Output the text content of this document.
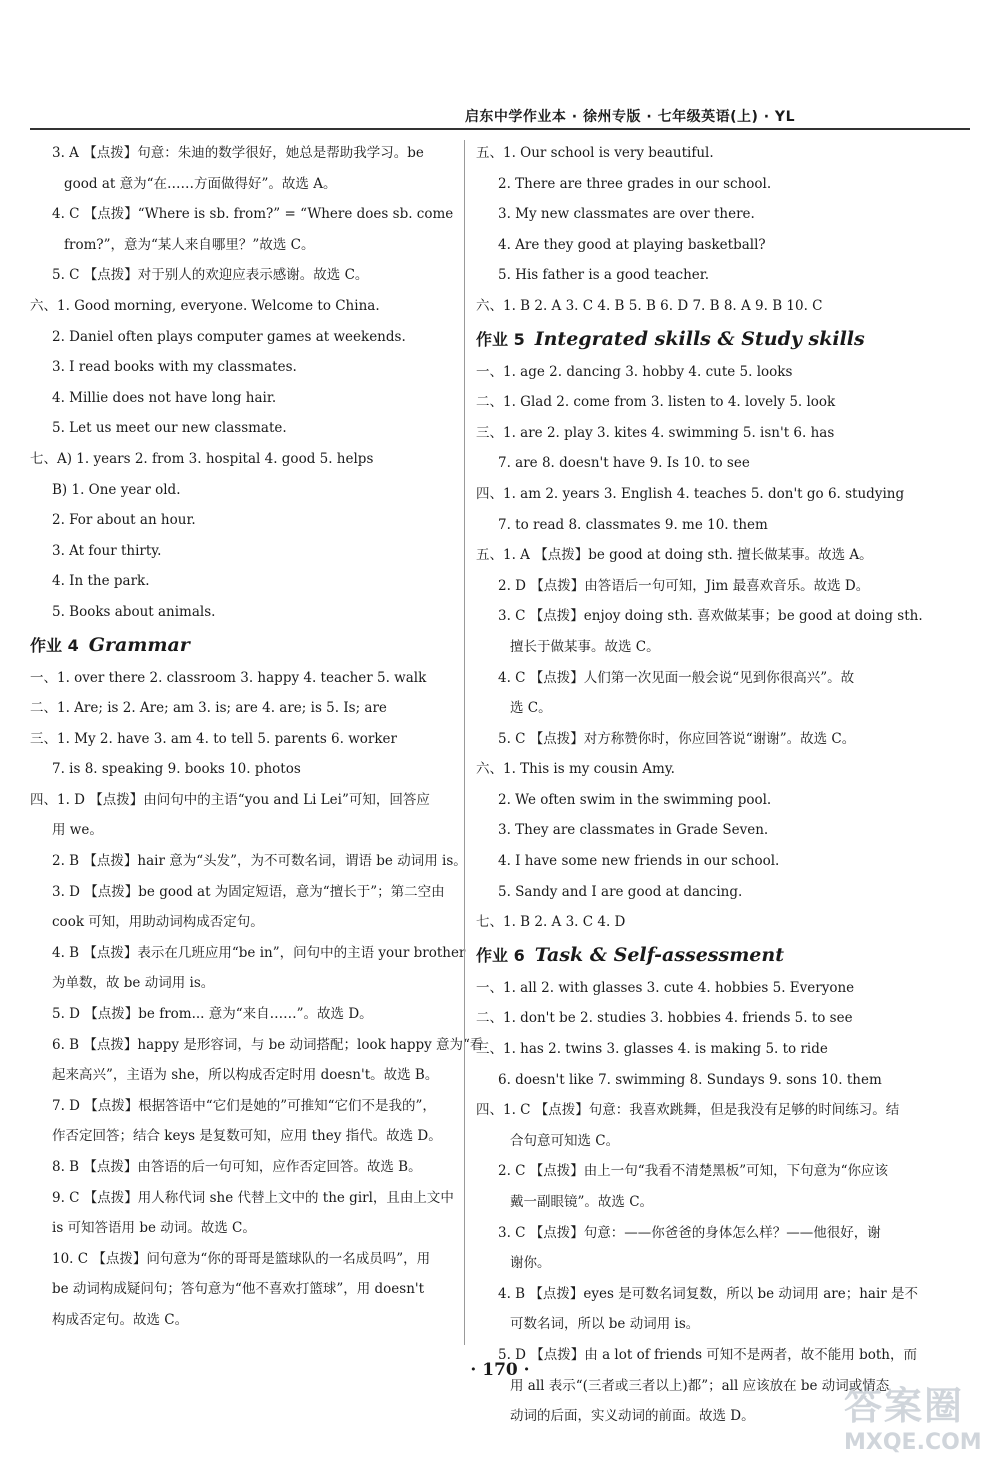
启东中学作业本 · 徐州专版 · 七年级英语(上) · YL
3. A 【点拨】句意：朱迪的数学很好，她总是帮助我学习。be
good at 意为“在……方面做得好”。故选 A。
4. C 【点拨】“Where is sb. from?” = “Where does sb. come
from?”，意为“某人来自哪里？”故选 C。
5. C 【点拨】对于别人的欢迎应表示感谢。故选 C。
六、1. Good morning, everyone. Welcome to China.
2. Daniel often plays computer games at weekends.
3. I read books with my classmates.
4. Millie does not have long hair.
5. Let us meet our new classmate.
七、A) 1. years 2. from 3. hospital 4. good 5. helps
B) 1. One year old.
2. For about an hour.
3. At four thirty.
4. In the park.
5. Books about animals.
作业 4 Grammar
一、1. over there 2. classroom 3. happy 4. teacher 5. walk
二、1. Are; is 2. Are; am 3. is; are 4. are; is 5. Is; are
三、1. My 2. have 3. am 4. to tell 5. parents 6. worker
7. is 8. speaking 9. books 10. photos
四、1. D 【点拨】由问句中的主语“you and Li Lei”可知，回答应
用 we。
2. B 【点拨】hair 意为“头发”，为不可数名词，谓语 be 动词用 is。
3. D 【点拨】be good at 为固定短语，意为“擅长于”；第二空由
cook 可知，用助动词构成否定句。
4. B 【点拨】表示在几班应用“be in”，问句中的主语 your brother
为单数，故 be 动词用 is。
5. D 【点拨】be from... 意为“来自……”。故选 D。
6. B 【点拨】happy 是形容词，与 be 动词搭配；look happy 意为“看
起来高兴”，主语为 she，所以构成否定时用 doesn't。故选 B。
7. D 【点拨】根据答语中“它们是她的”可推知“它们不是我的”，
作否定回答；结合 keys 是复数可知，应用 they 指代。故选 D。
8. B 【点拨】由答语的后一句可知，应作否定回答。故选 B。
9. C 【点拨】用人称代词 she 代替上文中的 the girl，且由上文中
is 可知答语用 be 动词。故选 C。
10. C 【点拨】问句意为“你的哥哥是篮球队的一名成员吗”，用
be 动词构成疑问句；答句意为“他不喜欢打篮球”，用 doesn't
构成否定句。故选 C。
五、1. Our school is very beautiful.
2. There are three grades in our school.
3. My new classmates are over there.
4. Are they good at playing basketball?
5. His father is a good teacher.
六、1. B 2. A 3. C 4. B 5. B 6. D 7. B 8. A 9. B 10. C
作业 5 Integrated skills & Study skills
一、1. age 2. dancing 3. hobby 4. cute 5. looks
二、1. Glad 2. come from 3. listen to 4. lovely 5. look
三、1. are 2. play 3. kites 4. swimming 5. isn't 6. has
7. are 8. doesn't have 9. Is 10. to see
四、1. am 2. years 3. English 4. teaches 5. don't go 6. studying
7. to read 8. classmates 9. me 10. them
五、1. A 【点拨】be good at doing sth. 擅长做某事。故选 A。
2. D 【点拨】由答语后一句可知，Jim 最喜欢音乐。故选 D。
3. C 【点拨】enjoy doing sth. 喜欢做某事；be good at doing sth.
擅长于做某事。故选 C。
4. C 【点拨】人们第一次见面一般会说“见到你很高兴”。故
选 C。
5. C 【点拨】对方称赞你时，你应回答说“谢谢”。故选 C。
六、1. This is my cousin Amy.
2. We often swim in the swimming pool.
3. They are classmates in Grade Seven.
4. I have some new friends in our school.
5. Sandy and I are good at dancing.
七、1. B 2. A 3. C 4. D
作业 6 Task & Self-assessment
一、1. all 2. with glasses 3. cute 4. hobbies 5. Everyone
二、1. don't be 2. studies 3. hobbies 4. friends 5. to see
三、1. has 2. twins 3. glasses 4. is making 5. to ride
6. doesn't like 7. swimming 8. Sundays 9. sons 10. them
四、1. C 【点拨】句意：我喜欢跳舞，但是我没有足够的时间练习。结
合句意可知选 C。
2. C 【点拨】由上一句“我看不清楚黑板”可知，下句意为“你应该
戴一副眼镜”。故选 C。
3. C 【点拨】句意：——你爸爸的身体怎么样？——他很好，谢
谢你。
4. B 【点拨】eyes 是可数名词复数，所以 be 动词用 are；hair 是不
可数名词，所以 be 动词用 is。
5. D 【点拨】由 a lot of friends 可知不是两者，故不能用 both，而
用 all 表示“(三者或三者以上)都”；all 应该放在 be 动词或情态
动词的后面，实义动词的前面。故选 D。
· 170 ·
答案圈
MXQE.COM
